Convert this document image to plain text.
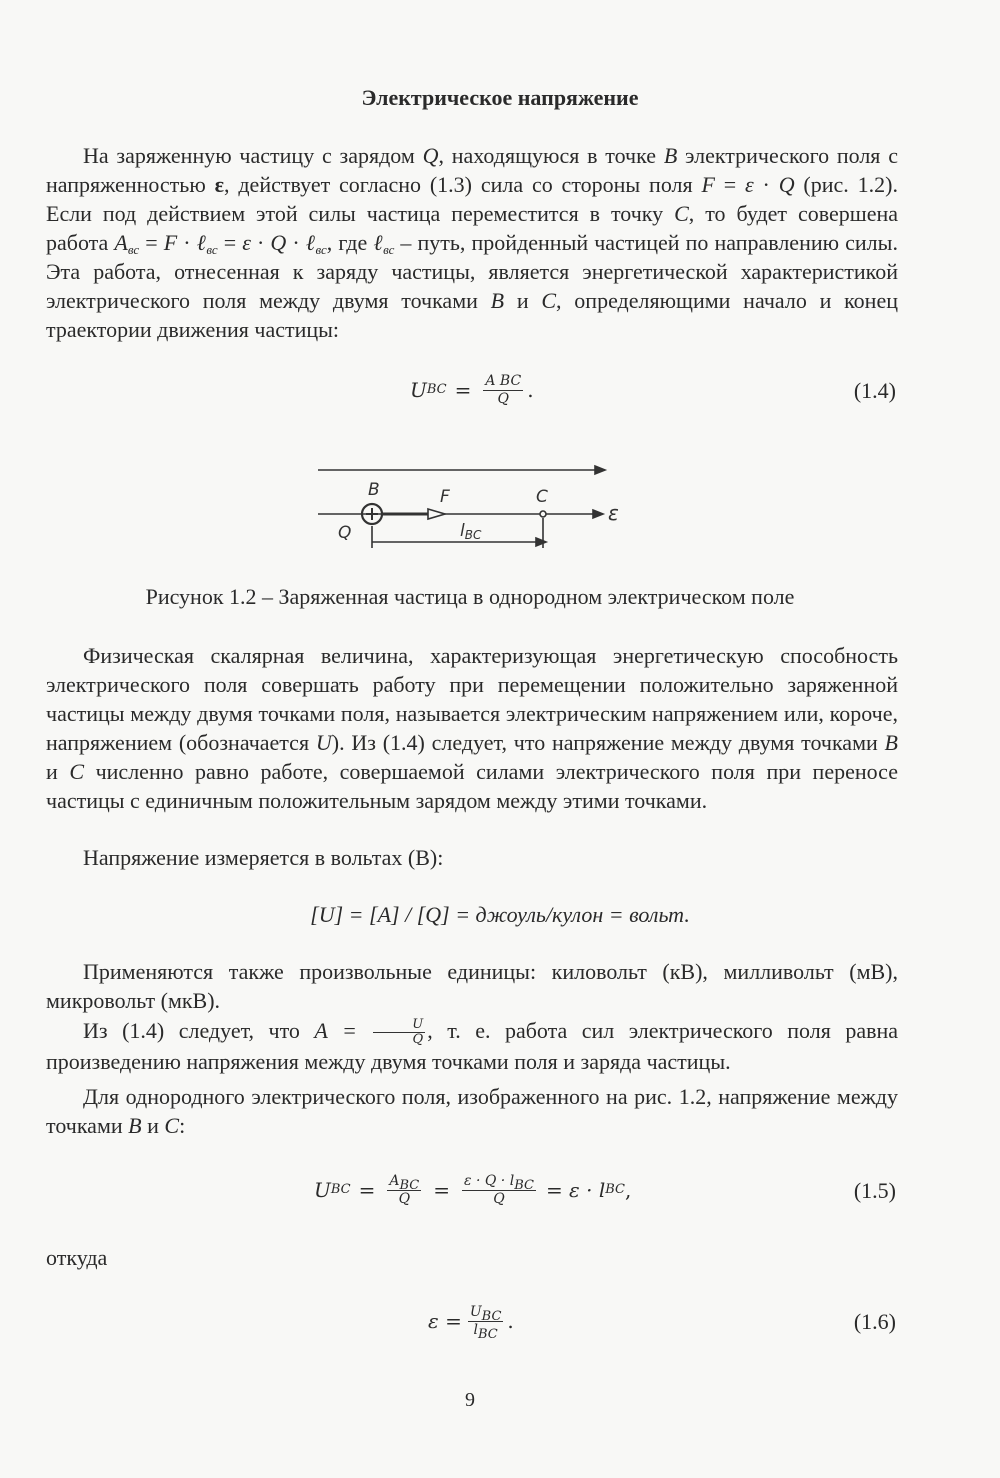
Электрическое напряжение

На заряженную частицу с зарядом Q, находящуюся в точке B электрического поля с напряженностью ε, действует согласно (1.3) сила со стороны поля F = ε · Q (рис. 1.2). Если под действием этой силы частица переместится в точку С, то будет совершена работа $A_{вс} = F$ · ℓ$_{вс}$ = ε · Q · ℓ$_{вс}$, где ℓ$_{вс}$ – путь, пройденный частицей по направлению силы. Эта работа, отнесенная к заряду частицы, является энергетической характеристикой электрического поля между двумя точками B и C, определяющими начало и конец траектории движения частицы:

U BC = $\frac{\text{A BC}}{Q}$ .	(1.4)
B	F	C
Q	lBC
ε
Рисунок 1.2 – Заряженная частица в однородном электрическом поле

Физическая скалярная величина, характеризующая энергетическую способность электрического поля совершать работу при перемещении положительно заряженной частицы между двумя точками поля, называется электрическим напряжением или, короче, напряжением (обозначается U). Из (1.4) следует, что напряжение между двумя точками B и C численно равно работе, совершаемой силами электрического поля при переносе частицы с единичным положительным зарядом между этими точками.

Напряжение измеряется в вольтах (В):

[U] = [A] / [Q] = джоуль/кулон = вольт.

Применяются также произвольные единицы: киловольт (кВ), милливольт (мВ), микровольт (мкВ).

Из (1.4) следует, что $A = \frac{U}{Q}$ , т. е. работа сил электрического поля равна произведению напряжения между двумя точками поля и заряда частицы.

Для однородного электрического поля, изображенного на рис. 1.2, напряжение между точками B и C:

U BC = $\frac{A_{BC}}{Q} = \frac{\varepsilon \cdot Q \cdot l_{BC}}{Q} = \varepsilon \cdot l$ BC ,	(1.5)

откуда

$\varepsilon = \frac{U_{BC}}{l_{BC}}$ .	(1.6)
9
